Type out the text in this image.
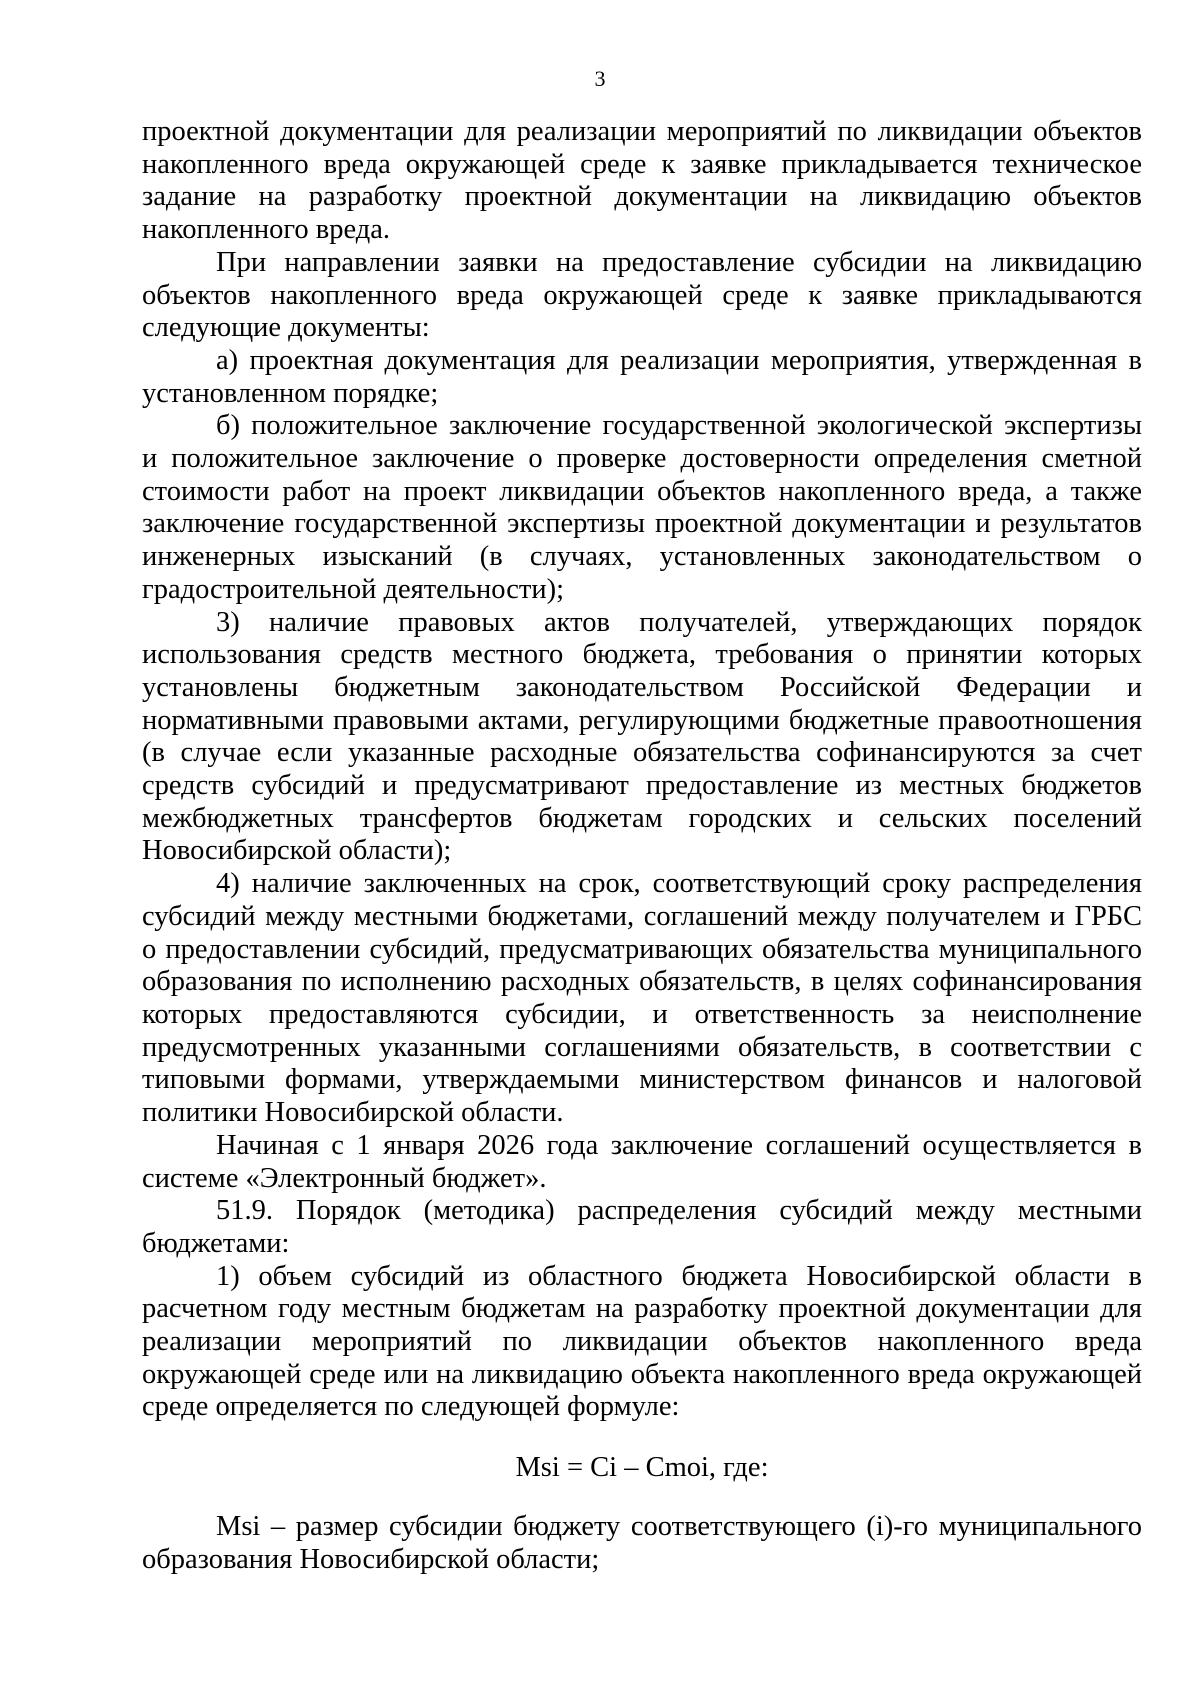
3

проектной документации для реализации мероприятий по ликвидации объектов накопленного вреда окружающей среде к заявке прикладывается техническое задание на разработку проектной документации на ликвидацию объектов накопленного вреда.

При направлении заявки на предоставление субсидии на ликвидацию объектов накопленного вреда окружающей среде к заявке прикладываются следующие документы:

а) проектная документация для реализации мероприятия, утвержденная в установленном порядке;

б) положительное заключение государственной экологической экспертизы и положительное заключение о проверке достоверности определения сметной стоимости работ на проект ликвидации объектов накопленного вреда, а также заключение государственной экспертизы проектной документации и результатов инженерных изысканий (в случаях, установленных законодательством о градостроительной деятельности);

3) наличие правовых актов получателей, утверждающих порядок использования средств местного бюджета, требования о принятии которых установлены бюджетным законодательством Российской Федерации и нормативными правовыми актами, регулирующими бюджетные правоотношения (в случае если указанные расходные обязательства софинансируются за счет средств субсидий и предусматривают предоставление из местных бюджетов межбюджетных трансфертов бюджетам городских и сельских поселений Новосибирской области);

4) наличие заключенных на срок, соответствующий сроку распределения субсидий между местными бюджетами, соглашений между получателем и ГРБС о предоставлении субсидий, предусматривающих обязательства муниципального образования по исполнению расходных обязательств, в целях софинансирования которых предоставляются субсидии, и ответственность за неисполнение предусмотренных указанными соглашениями обязательств, в соответствии с типовыми формами, утверждаемыми министерством финансов и налоговой политики Новосибирской области.

Начиная с 1 января 2026 года заключение соглашений осуществляется в системе «Электронный бюджет».

51.9. Порядок (методика) распределения субсидий между местными бюджетами:

1) объем субсидий из областного бюджета Новосибирской области в расчетном году местным бюджетам на разработку проектной документации для реализации мероприятий по ликвидации объектов накопленного вреда окружающей среде или на ликвидацию объекта накопленного вреда окружающей среде определяется по следующей формуле:

Msi = Ci – Cmoi, где:

Msi – размер субсидии бюджету соответствующего (i)-го муниципального образования Новосибирской области;
